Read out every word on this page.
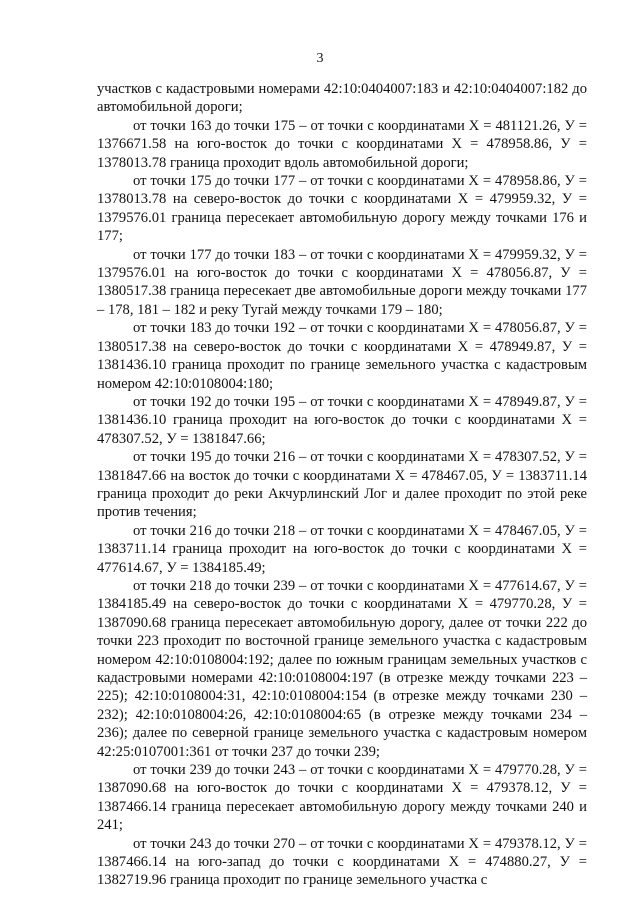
3

участков с кадастровыми номерами 42:10:0404007:183 и 42:10:0404007:182 до автомобильной дороги;

от точки 163 до точки 175 – от точки с координатами X = 481121.26, У = 1376671.58 на юго-восток до точки с координатами X = 478958.86, У = 1378013.78 граница проходит вдоль автомобильной дороги;

от точки 175 до точки 177 – от точки с координатами X = 478958.86, У = 1378013.78 на северо-восток до точки с координатами X = 479959.32, У = 1379576.01 граница пересекает автомобильную дорогу между точками 176 и 177;

от точки 177 до точки 183 – от точки с координатами X = 479959.32, У = 1379576.01 на юго-восток до точки с координатами X = 478056.87, У = 1380517.38 граница пересекает две автомобильные дороги между точками 177 – 178, 181 – 182 и реку Тугай между точками 179 – 180;

от точки 183 до точки 192 – от точки с координатами X = 478056.87, У = 1380517.38 на северо-восток до точки с координатами X = 478949.87, У = 1381436.10 граница проходит по границе земельного участка с кадастровым номером 42:10:0108004:180;

от точки 192 до точки 195 – от точки с координатами X = 478949.87, У = 1381436.10 граница проходит на юго-восток до точки с координатами X = 478307.52, У = 1381847.66;

от точки 195 до точки 216 – от точки с координатами X = 478307.52, У = 1381847.66 на восток до точки с координатами X = 478467.05, У = 1383711.14 граница проходит до реки Акчурлинский Лог и далее проходит по этой реке против течения;

от точки 216 до точки 218 – от точки с координатами X = 478467.05, У = 1383711.14 граница проходит на юго-восток до точки с координатами X = 477614.67, У = 1384185.49;

от точки 218 до точки 239 – от точки с координатами X = 477614.67, У = 1384185.49 на северо-восток до точки с координатами X = 479770.28, У = 1387090.68 граница пересекает автомобильную дорогу, далее от точки 222 до точки 223 проходит по восточной границе земельного участка с кадастровым номером 42:10:0108004:192; далее по южным границам земельных участков с кадастровыми номерами 42:10:0108004:197 (в отрезке между точками 223 – 225); 42:10:0108004:31, 42:10:0108004:154 (в отрезке между точками 230 – 232); 42:10:0108004:26, 42:10:0108004:65 (в отрезке между точками 234 – 236); далее по северной границе земельного участка с кадастровым номером 42:25:0107001:361 от точки 237 до точки 239;

от точки 239 до точки 243 – от точки с координатами X = 479770.28, У = 1387090.68 на юго-восток до точки с координатами X = 479378.12, У = 1387466.14 граница пересекает автомобильную дорогу между точками 240 и 241;

от точки 243 до точки 270 – от точки с координатами X = 479378.12, У = 1387466.14 на юго-запад до точки с координатами X = 474880.27, У = 1382719.96 граница проходит по границе земельного участка с
